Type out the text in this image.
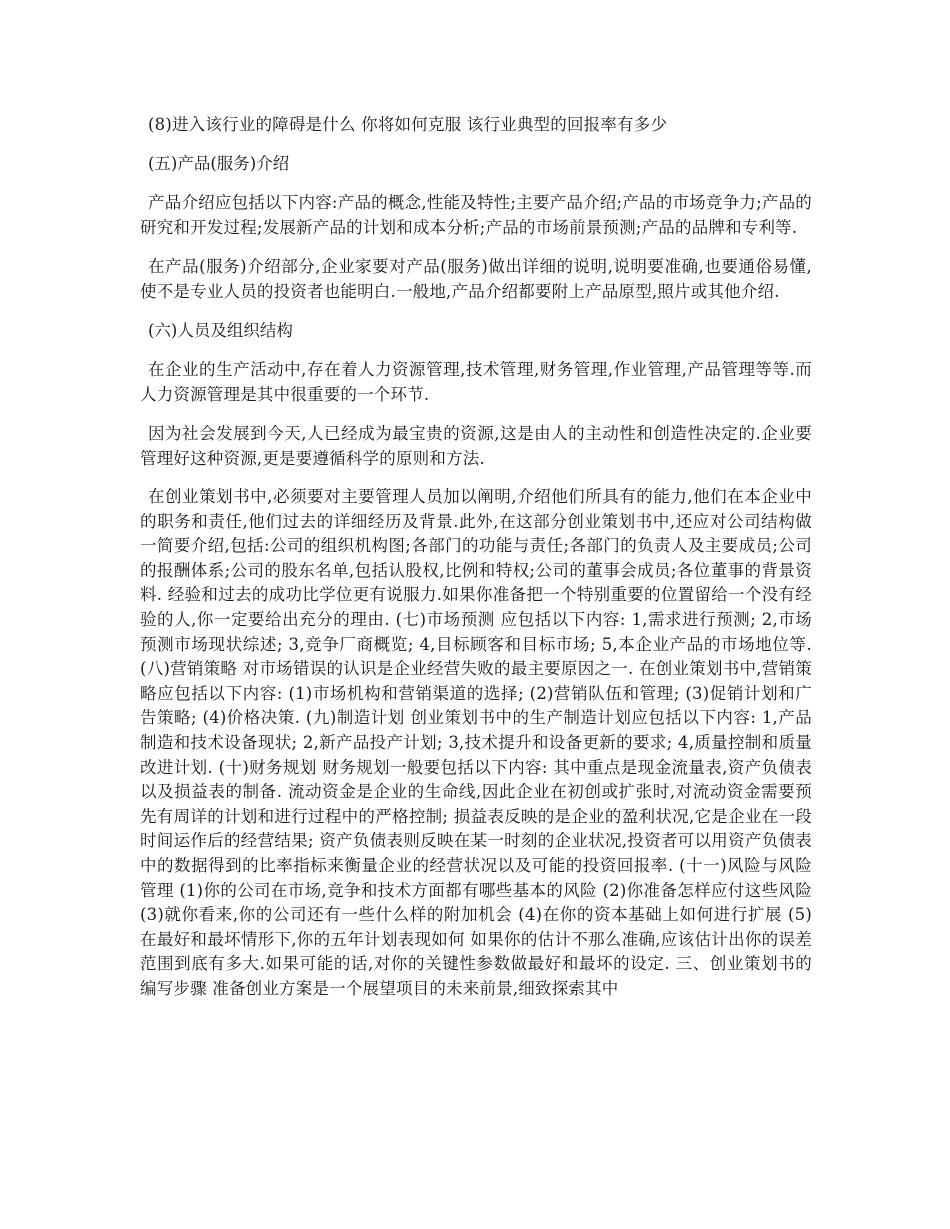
(8)进入该行业的障碍是什么 你将如何克服 该行业典型的回报率有多少

(五)产品(服务)介绍

产品介绍应包括以下内容:产品的概念,性能及特性;主要产品介绍;产品的市场竞争力;产品的研究和开发过程;发展新产品的计划和成本分析;产品的市场前景预测;产品的品牌和专利等.

在产品(服务)介绍部分,企业家要对产品(服务)做出详细的说明,说明要准确,也要通俗易懂,使不是专业人员的投资者也能明白.一般地,产品介绍都要附上产品原型,照片或其他介绍.

(六)人员及组织结构

在企业的生产活动中,存在着人力资源管理,技术管理,财务管理,作业管理,产品管理等等.而人力资源管理是其中很重要的一个环节.

因为社会发展到今天,人已经成为最宝贵的资源,这是由人的主动性和创造性决定的.企业要管理好这种资源,更是要遵循科学的原则和方法.

在创业策划书中,必须要对主要管理人员加以阐明,介绍他们所具有的能力,他们在本企业中的职务和责任,他们过去的详细经历及背景.此外,在这部分创业策划书中,还应对公司结构做一简要介绍,包括:公司的组织机构图;各部门的功能与责任;各部门的负责人及主要成员;公司的报酬体系;公司的股东名单,包括认股权,比例和特权;公司的董事会成员;各位董事的背景资料. 经验和过去的成功比学位更有说服力.如果你准备把一个特别重要的位置留给一个没有经验的人,你一定要给出充分的理由. (七)市场预测 应包括以下内容: 1,需求进行预测; 2,市场预测市场现状综述; 3,竞争厂商概览; 4,目标顾客和目标市场; 5,本企业产品的市场地位等. (八)营销策略 对市场错误的认识是企业经营失败的最主要原因之一. 在创业策划书中,营销策略应包括以下内容: (1)市场机构和营销渠道的选择; (2)营销队伍和管理; (3)促销计划和广告策略; (4)价格决策. (九)制造计划 创业策划书中的生产制造计划应包括以下内容: 1,产品制造和技术设备现状; 2,新产品投产计划; 3,技术提升和设备更新的要求; 4,质量控制和质量改进计划. (十)财务规划 财务规划一般要包括以下内容: 其中重点是现金流量表,资产负债表以及损益表的制备. 流动资金是企业的生命线,因此企业在初创或扩张时,对流动资金需要预先有周详的计划和进行过程中的严格控制; 损益表反映的是企业的盈利状况,它是企业在一段时间运作后的经营结果; 资产负债表则反映在某一时刻的企业状况,投资者可以用资产负债表中的数据得到的比率指标来衡量企业的经营状况以及可能的投资回报率. (十一)风险与风险管理 (1)你的公司在市场,竞争和技术方面都有哪些基本的风险 (2)你准备怎样应付这些风险 (3)就你看来,你的公司还有一些什么样的附加机会 (4)在你的资本基础上如何进行扩展 (5)在最好和最坏情形下,你的五年计划表现如何 如果你的估计不那么准确,应该估计出你的误差范围到底有多大.如果可能的话,对你的关键性参数做最好和最坏的设定. 三、创业策划书的编写步骤 准备创业方案是一个展望项目的未来前景,细致探索其中
